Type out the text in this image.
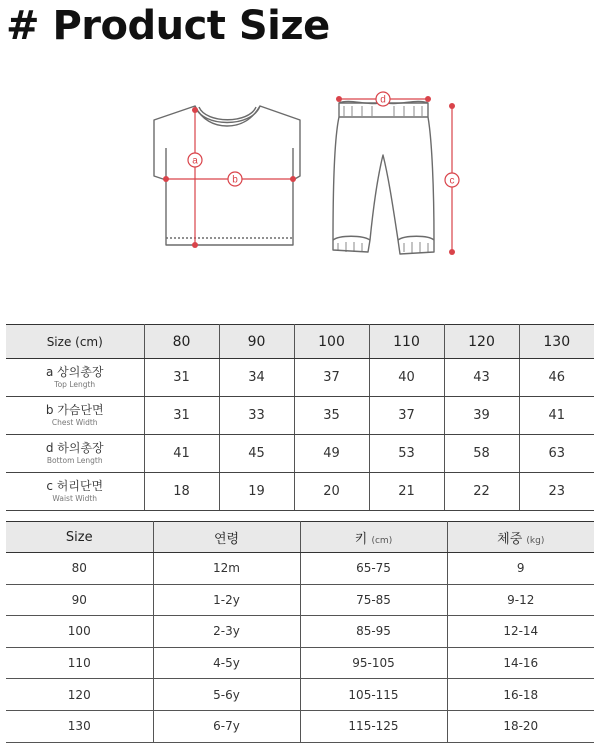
# Product Size
a
b
d
c
Size (cm)	80	90	100	110	120	130

a 상의총장
Top Length	31	34	37	40	43	46

b 가슴단면
Chest Width	31	33	35	37	39	41

d 하의총장
Bottom Length	41	45	49	53	58	63

c 허리단면
Waist Width	18	19	20	21	22	23
Size	연령	키 (cm)	체중 (kg)
80	12m	65-75	9
90	1-2y	75-85	9-12
100	2-3y	85-95	12-14
110	4-5y	95-105	14-16
120	5-6y	105-115	16-18
130	6-7y	115-125	18-20
